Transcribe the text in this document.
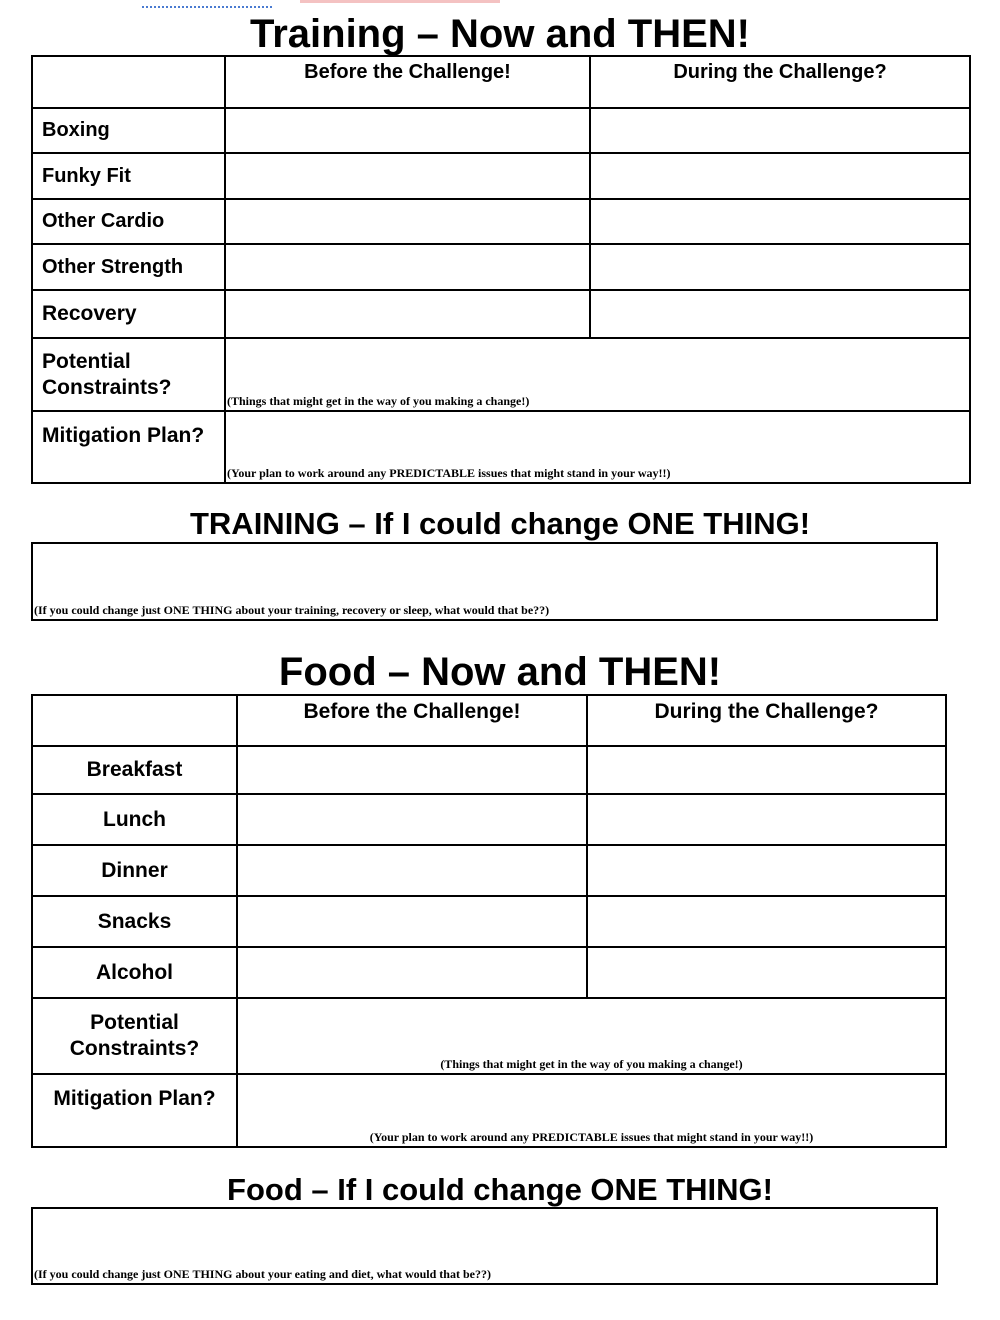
Training – Now and THEN!
	Before the Challenge!	During the Challenge?
Boxing		
Funky Fit		
Other Cardio		
Other Strength		
Recovery		
Potential Constraints?	(Things that might get in the way of you making a change!)	

Mitigation Plan?	(Your plan to work around any PREDICTABLE issues that might stand in your way!!)	
TRAINING – If I could change ONE THING!
(If you could change just ONE THING about your training, recovery or sleep, what would that be??)
Food – Now and THEN!
	Before the Challenge!	During the Challenge?
Breakfast		
Lunch		
Dinner		
Snacks		
Alcohol		
Potential Constraints?	(Things that might get in the way of you making a change!)	

Mitigation Plan?	(Your plan to work around any PREDICTABLE issues that might stand in your way!!)	
Food – If I could change ONE THING!
(If you could change just ONE THING about your eating and diet, what would that be??)
